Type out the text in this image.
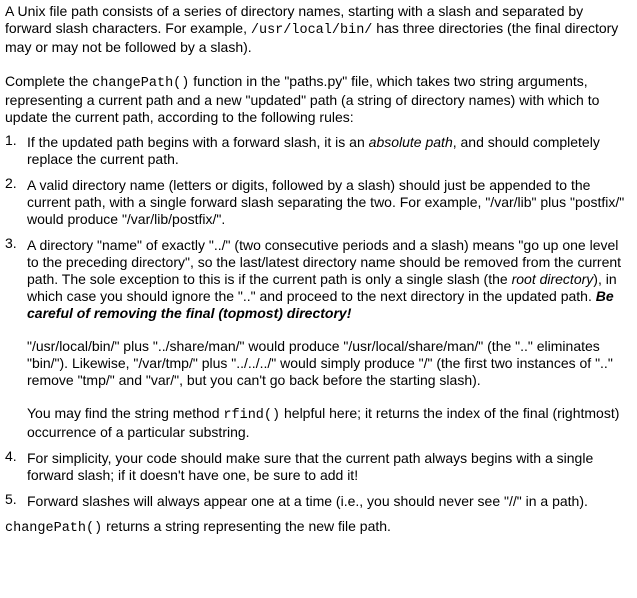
A Unix file path consists of a series of directory names, starting with a slash and separated by forward slash characters. For example, /usr/local/bin/ has three directories (the final directory may or may not be followed by a slash).

Complete the changePath() function in the "paths.py" file, which takes two string arguments, representing a current path and a new "updated" path (a string of directory names) with which to update the current path, according to the following rules:

1. If the updated path begins with a forward slash, it is an absolute path, and should completely replace the current path.
2. A valid directory name (letters or digits, followed by a slash) should just be appended to the current path, with a single forward slash separating the two. For example, "/var/lib" plus "postfix/" would produce "/var/lib/postfix/".
3. A directory "name" of exactly "../" (two consecutive periods and a slash) means "go up one level to the preceding directory", so the last/latest directory name should be removed from the current path. The sole exception to this is if the current path is only a single slash (the root directory), in which case you should ignore the ".." and proceed to the next directory in the updated path. Be careful of removing the final (topmost) directory!

"/usr/local/bin/" plus "../share/man/" would produce "/usr/local/share/man/" (the ".." eliminates "bin/"). Likewise, "/var/tmp/" plus "../../../" would simply produce "/" (the first two instances of ".." remove "tmp/" and "var/", but you can't go back before the starting slash).

You may find the string method rfind() helpful here; it returns the index of the final (rightmost) occurrence of a particular substring.

4. For simplicity, your code should make sure that the current path always begins with a single forward slash; if it doesn't have one, be sure to add it!
5. Forward slashes will always appear one at a time (i.e., you should never see "//" in a path).

changePath() returns a string representing the new file path.
